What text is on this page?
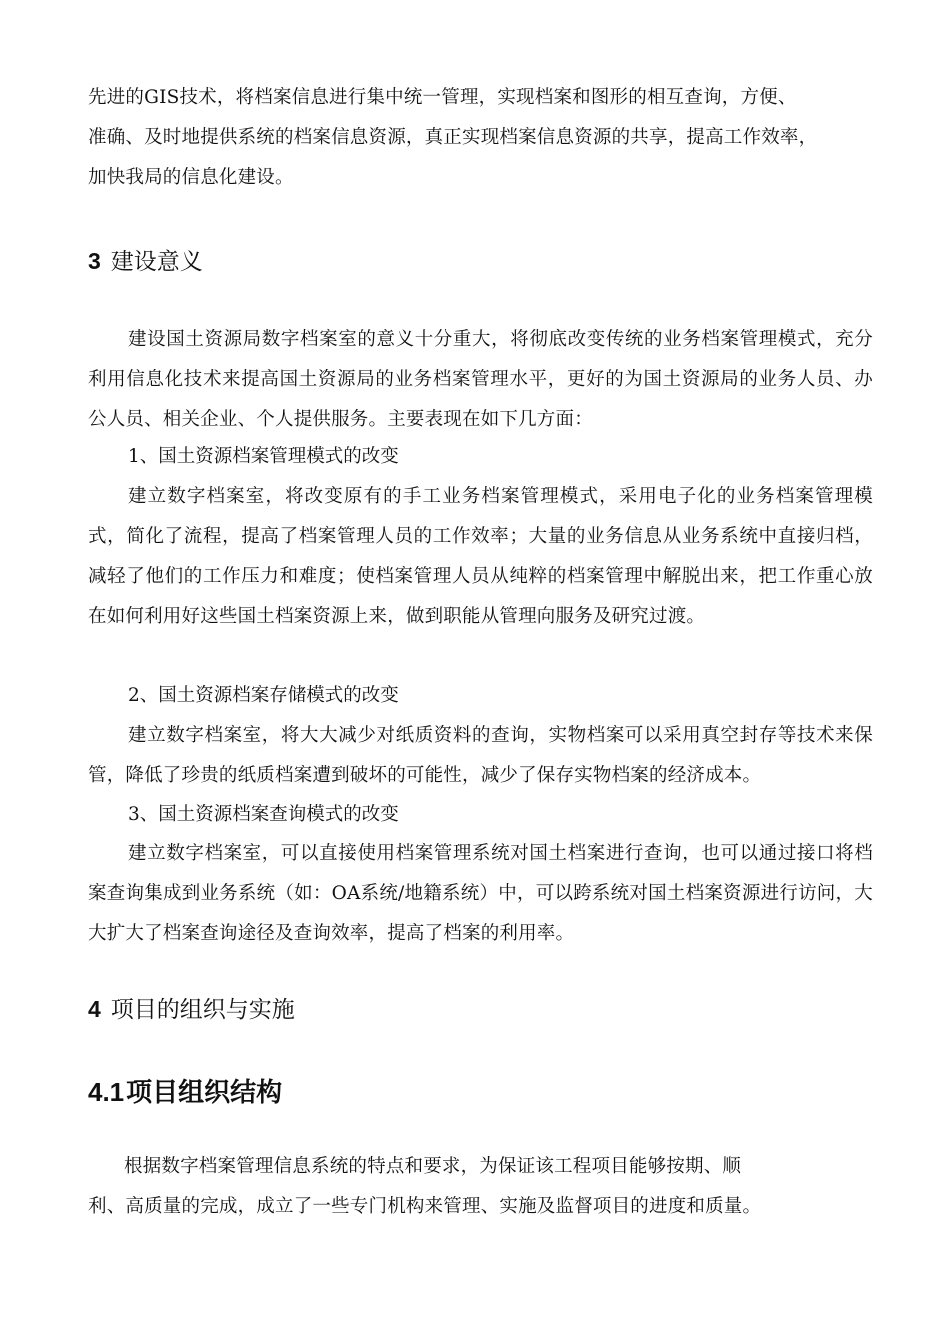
先进的GIS技术，将档案信息进行集中统一管理，实现档案和图形的相互查询，方便、
准确、及时地提供系统的档案信息资源，真正实现档案信息资源的共享，提高工作效率，
加快我局的信息化建设。

3 建设意义

建设国土资源局数字档案室的意义十分重大，将彻底改变传统的业务档案管理模式，充分利用信息化技术来提高国土资源局的业务档案管理水平，更好的为国土资源局的业务人员、办公人员、相关企业、个人提供服务。主要表现在如下几方面：

1、国土资源档案管理模式的改变

建立数字档案室，将改变原有的手工业务档案管理模式，采用电子化的业务档案管理模式，简化了流程，提高了档案管理人员的工作效率；大量的业务信息从业务系统中直接归档，减轻了他们的工作压力和难度；使档案管理人员从纯粹的档案管理中解脱出来，把工作重心放在如何利用好这些国土档案资源上来，做到职能从管理向服务及研究过渡。

2、国土资源档案存储模式的改变

建立数字档案室，将大大减少对纸质资料的查询，实物档案可以采用真空封存等技术来保管，降低了珍贵的纸质档案遭到破坏的可能性，减少了保存实物档案的经济成本。

3、国土资源档案查询模式的改变

建立数字档案室，可以直接使用档案管理系统对国土档案进行查询，也可以通过接口将档案查询集成到业务系统（如：OA系统/地籍系统）中，可以跨系统对国土档案资源进行访问，大大扩大了档案查询途径及查询效率，提高了档案的利用率。

4 项目的组织与实施
4.1项目组织结构

根据数字档案管理信息系统的特点和要求，为保证该工程项目能够按期、顺
利、高质量的完成，成立了一些专门机构来管理、实施及监督项目的进度和质量。
